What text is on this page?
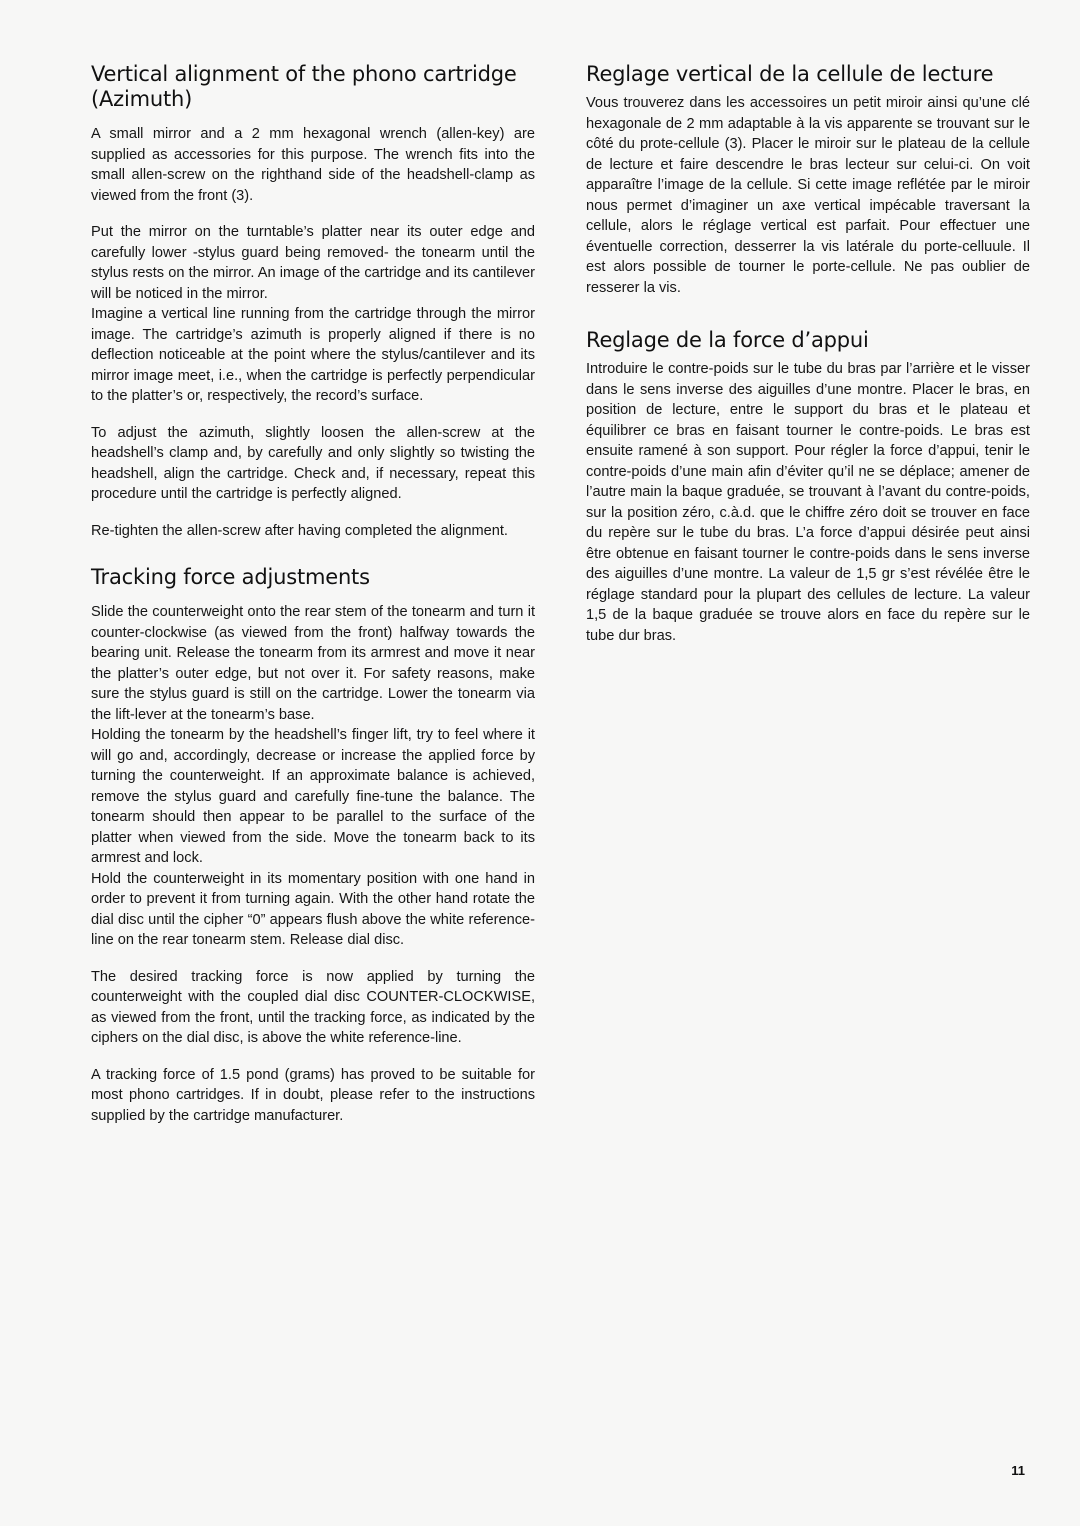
Vertical alignment of the phono cartridge (Azimuth)

A small mirror and a 2 mm hexagonal wrench (allen-key) are supplied as accessories for this purpose. The wrench fits into the small allen-screw on the righthand side of the headshell-clamp as viewed from the front (3).

Put the mirror on the turntable’s platter near its outer edge and carefully lower -stylus guard being removed- the tonearm until the stylus rests on the mirror. An image of the cartridge and its cantilever will be noticed in the mirror.

Imagine a vertical line running from the cartridge through the mirror image. The cartridge’s azimuth is properly aligned if there is no deflection noticeable at the point where the stylus/cantilever and its mirror image meet, i.e., when the cartridge is perfectly perpendicular to the platter’s or, respectively, the record’s surface.

To adjust the azimuth, slightly loosen the allen-screw at the headshell’s clamp and, by carefully and only slightly so twisting the headshell, align the cartridge. Check and, if necessary, repeat this procedure until the cartridge is perfectly aligned.

Re-tighten the allen-screw after having completed the alignment.

Tracking force adjustments

Slide the counterweight onto the rear stem of the tonearm and turn it counter-clockwise (as viewed from the front) halfway towards the bearing unit. Release the tonearm from its armrest and move it near the platter’s outer edge, but not over it. For safety reasons, make sure the stylus guard is still on the cartridge. Lower the tonearm via the lift-lever at the tonearm’s base.

Holding the tonearm by the headshell’s finger lift, try to feel where it will go and, accordingly, decrease or increase the applied force by turning the counterweight. If an approximate balance is achieved, remove the stylus guard and carefully fine-tune the balance. The tonearm should then appear to be parallel to the surface of the platter when viewed from the side. Move the tonearm back to its armrest and lock.

Hold the counterweight in its momentary position with one hand in order to prevent it from turning again. With the other hand rotate the dial disc until the cipher “0” appears flush above the white reference-line on the rear tonearm stem. Release dial disc.

The desired tracking force is now applied by turning the counterweight with the coupled dial disc COUNTER-CLOCKWISE, as viewed from the front, until the tracking force, as indicated by the ciphers on the dial disc, is above the white reference-line.

A tracking force of 1.5 pond (grams) has proved to be suitable for most phono cartridges. If in doubt, please refer to the instructions supplied by the cartridge manufacturer.

Reglage vertical de la cellule de lecture

Vous trouverez dans les accessoires un petit miroir ainsi qu’une clé hexagonale de 2 mm adaptable à la vis apparente se trouvant sur le côté du prote-cellule (3). Placer le miroir sur le plateau de la cellule de lecture et faire descendre le bras lecteur sur celui-ci. On voit apparaître l’image de la cellule. Si cette image reflétée par le miroir nous permet d’imaginer un axe vertical impécable traversant la cellule, alors le réglage vertical est parfait. Pour effectuer une éventuelle correction, desserrer la vis latérale du porte-celluule. Il est alors possible de tourner le porte-cellule. Ne pas oublier de resserer la vis.

Reglage de la force d’appui

Introduire le contre-poids sur le tube du bras par l’arrière et le visser dans le sens inverse des aiguilles d’une montre. Placer le bras, en position de lecture, entre le support du bras et le plateau et équilibrer ce bras en faisant tourner le contre-poids. Le bras est ensuite ramené à son support. Pour régler la force d’appui, tenir le contre-poids d’une main afin d’éviter qu’il ne se déplace; amener de l’autre main la baque graduée, se trouvant à l’avant du contre-poids, sur la position zéro, c.à.d. que le chiffre zéro doit se trouver en face du repère sur le tube du bras. L’a force d’appui désirée peut ainsi être obtenue en faisant tourner le contre-poids dans le sens inverse des aiguilles d’une montre. La valeur de 1,5 gr s’est révélée être le réglage standard pour la plupart des cellules de lecture. La valeur 1,5 de la baque graduée se trouve alors en face du repère sur le tube dur bras.

11
